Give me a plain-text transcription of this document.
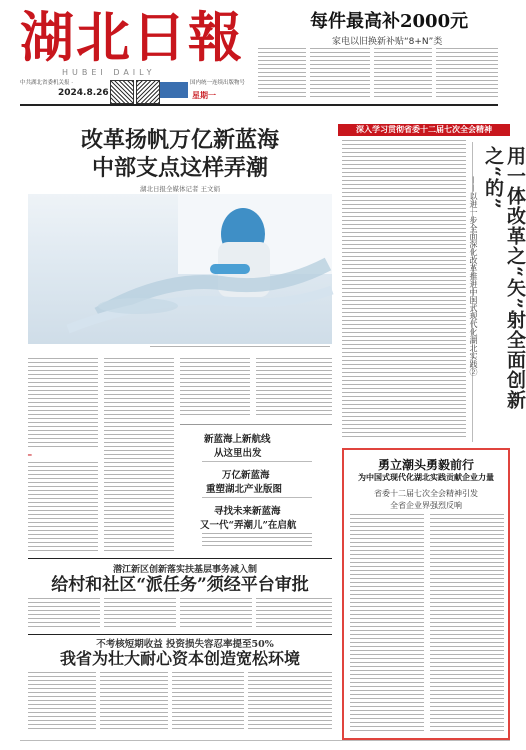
湖北日報
HUBEI DAILY
中共湖北省委机关报 ·
2024.8.26
国内统一连续出版物号
星期一
每件最高补2000元
家电以旧换新补贴“8+N”类
改革扬帆万亿新蓝海
中部支点这样弄潮
湖北日报全媒体记者 王文娟
━
新蓝海上新航线
从这里出发
万亿新蓝海
重塑湖北产业版图
寻找未来新蓝海
又一代“弄潮儿”在启航
潜江新区创新落实扶基层事务减入制
给村和社区“派任务”须经平台审批
不考核短期收益 投资损失容忍率提至50%
我省为壮大耐心资本创造宽松环境
深入学习贯彻省委十二届七次全会精神
用一体改革之“矢”射全面创新之“的”
——以进一步全面深化改革推进中国式现代化湖北实践②
勇立潮头勇毅前行
为中国式现代化湖北实践贡献企业力量
省委十二届七次全会精神引发
全省企业界强烈反响
